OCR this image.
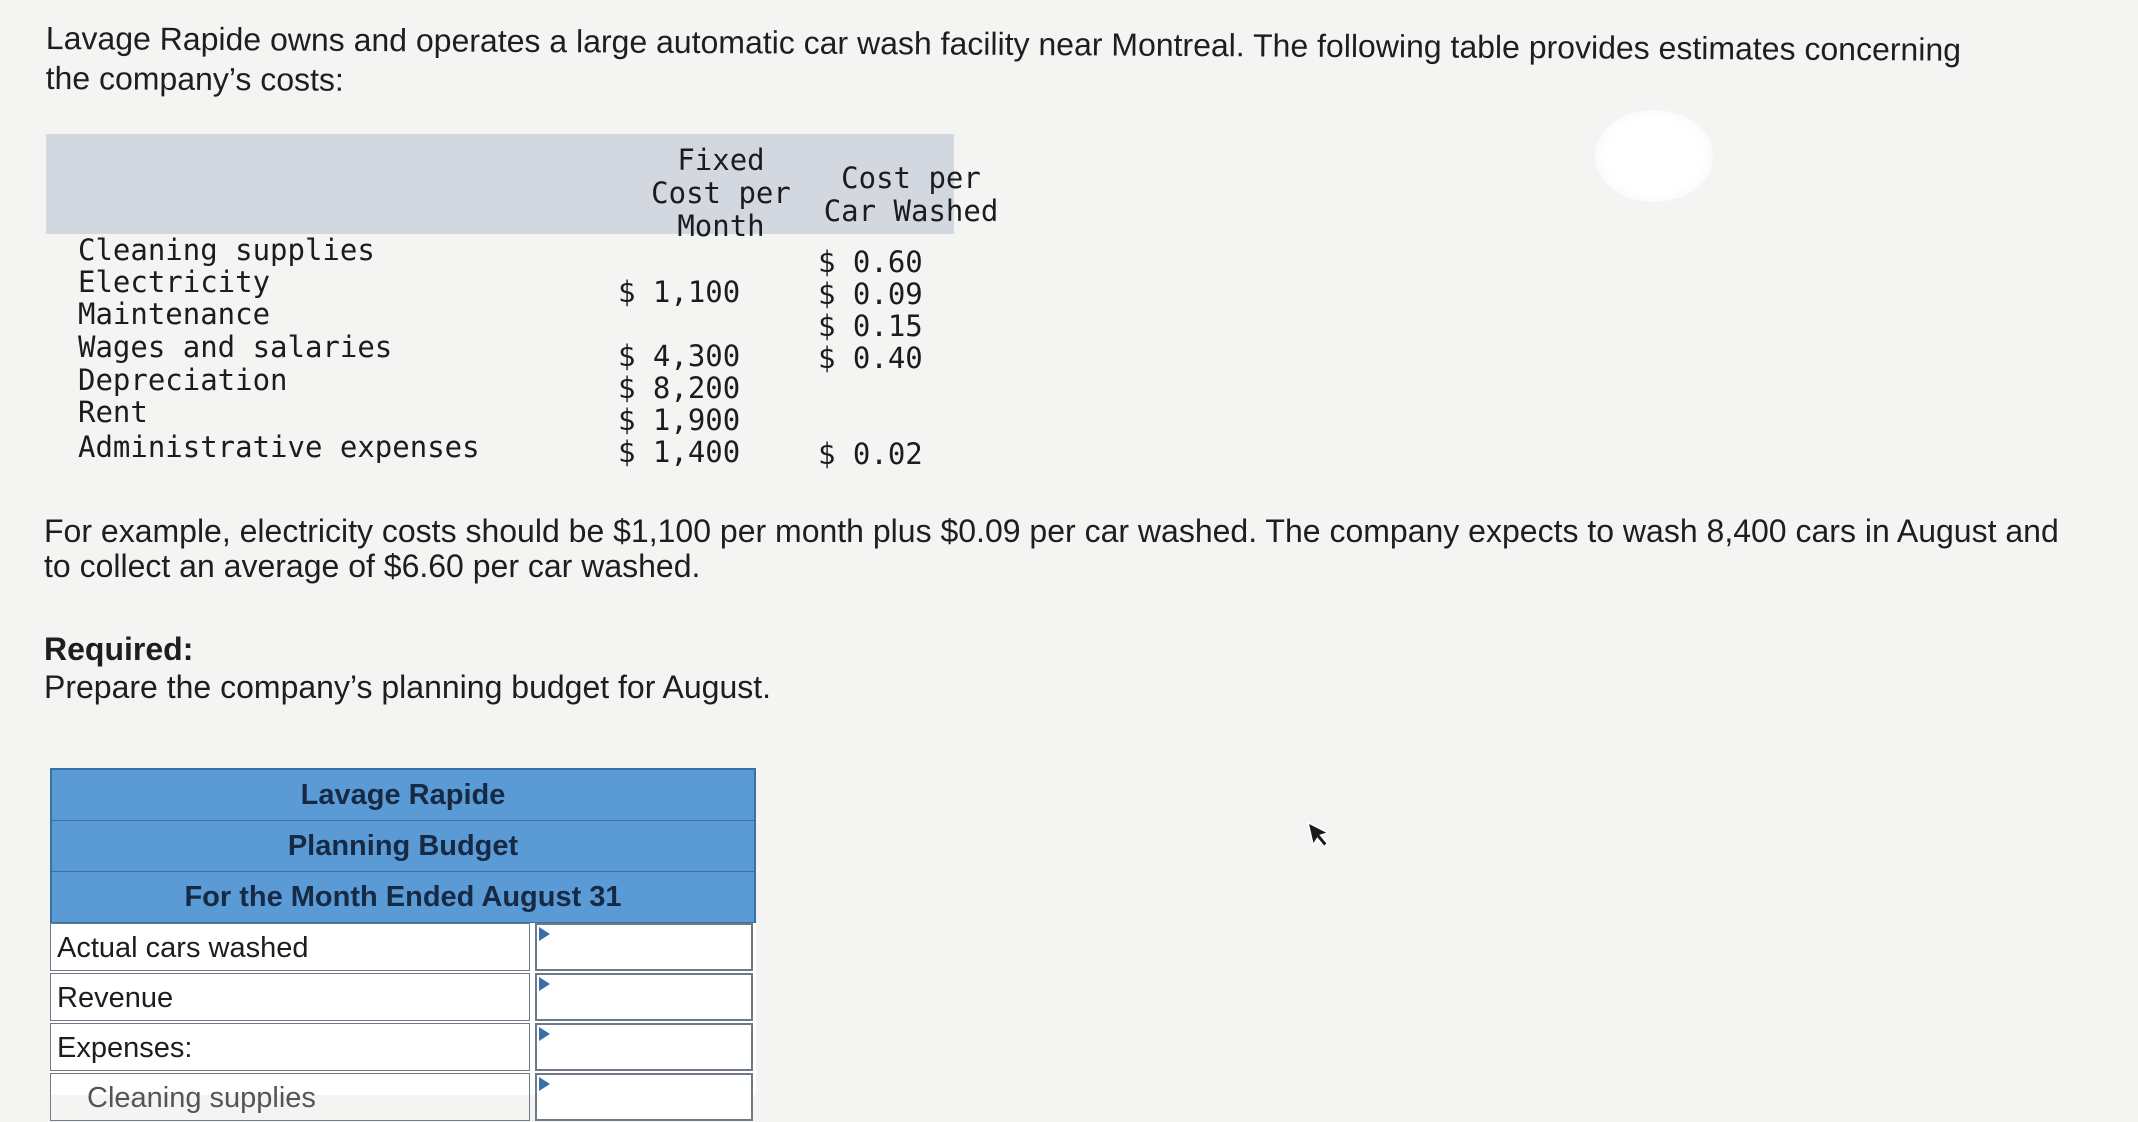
Lavage Rapide owns and operates a large automatic car wash facility near Montreal. The following table provides estimates concerning the company’s costs:
Fixed
Cost per
Month
Cost per
Car Washed
Cleaning supplies
Electricity
Maintenance
Wages and salaries
Depreciation
Rent
Administrative expenses
$ 1,100
$ 4,300
$ 8,200
$ 1,900
$ 1,400
$ 0.60
$ 0.09
$ 0.15
$ 0.40
$ 0.02
For example, electricity costs should be $1,100 per month plus $0.09 per car washed. The company expects to wash 8,400 cars in August and to collect an average of $6.60 per car washed.
Required:
Prepare the company’s planning budget for August.
Lavage Rapide
Planning Budget
For the Month Ended August 31
Actual cars washed
Revenue
Expenses:
Cleaning supplies
